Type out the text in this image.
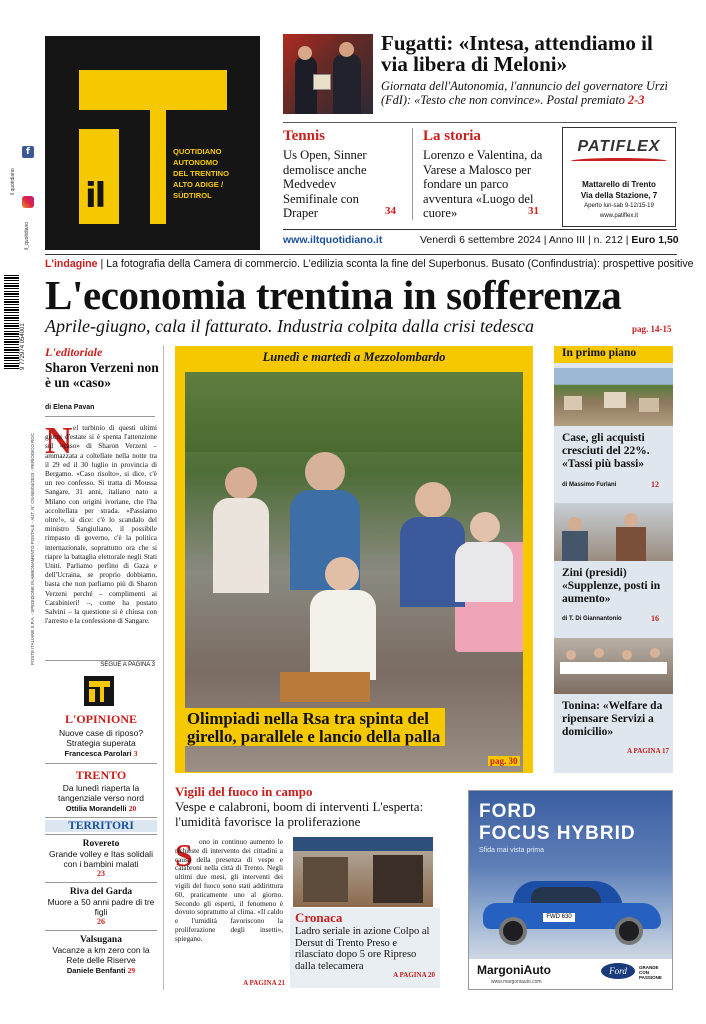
f
il quotidiano
il_quotidiano
9 772974 054001
POSTE ITALIANE S.P.A. - SPEDIZIONE IN ABBONAMENTO POSTALE - AUT. N° CN-NE/04/2023 - PERIODICO ROC
il
QUOTIDIANO
AUTONOMO
DEL TRENTINO
ALTO ADIGE /
SÜDTIROL
Fugatti: «Intesa, attendiamo il via libera di Meloni»
Giornata dell'Autonomia, l'annuncio del governatore Urzì (FdI): «Testo che non convince». Postal premiato 2-3
Tennis
Us Open, Sinner demolisce anche Medvedev Semifinale con Draper	34
La storia
Lorenzo e Valentina, da Varese a Malosco per fondare un parco avventura «Luogo del cuore»	31
PATIFLEX
Mattarello di Trento
Via della Stazione, 7
Aperto lun-sab 9-12/15-19
www.patiflex.it
www.iltquotidiano.it	Venerdì 6 settembre 2024 | Anno III | n. 212 | Euro 1,50
L'indagine | La fotografia della Camera di commercio. L'edilizia sconta la fine del Superbonus. Busato (Confindustria): prospettive positive
L'economia trentina in sofferenza
Aprile-giugno, cala il fatturato. Industria colpita dalla crisi tedesca	pag. 14-15
L'editoriale
Sharon Verzeni non è un «caso»
di Elena Pavan
N el turbinio di questi ultimi giorni d'estate si è spenta l'attenzione sul «caso» di Sharon Verzeni – ammazzata a coltellate nella notte tra il 29 ed il 30 luglio in provincia di Bergamo. «Caso risolto», si dice, c'è un reo confesso. Si tratta di Moussa Sangare, 31 anni, italiano nato a Milano con origini ivoriane, che l'ha accoltellata per strada. «Passiamo oltre!», si dice: c'è lo scandalo del ministro Sangiuliano, il possibile rimpasto di governo, c'è la politica internazionale, soprattutto ora che si riapre la battaglia elettorale negli Stati Uniti. Parliamo perfino di Gaza e dell'Ucraina, se proprio dobbiamo, basta che non parliamo più di Sharon Verzeni perché – complimenti ai Carabinieri! –, come ha postato Salvini – la questione si è chiusa con l'arresto e la confessione di Sangare.
SEGUE A PAGINA 3
L'OPINIONE
Nuove case di riposo? Strategia superata
Francesca Parolari 3
TRENTO
Da lunedì riaperta la tangenziale verso nord
Ottilia Morandelli 20
TERRITORI
Rovereto
Grande volley e Itas solidali con i bambini malati
23
Riva del Garda
Muore a 50 anni padre di tre figli
26
Valsugana
Vacanze a km zero con la Rete delle Riserve
Daniele Benfanti 29
Lunedì e martedì a Mezzolombardo
Olimpiadi nella Rsa tra spinta del girello, parallele e lancio della palla
pag. 30
In primo piano
Case, gli acquisti cresciuti del 22%. «Tassi più bassi»
di Massimo Furlani	12
Zini (presidi) «Supplenze, posti in aumento»
di T. Di Giannantonio	16
Tonina: «Welfare da ripensare Servizi a domicilio»
A PAGINA 17
Vigili del fuoco in campo
Vespe e calabroni, boom di interventi L'esperta: l'umidità favorisce la proliferazione
S ono in continuo aumento le richieste di intervento dei cittadini a causa della presenza di vespe e calabroni nella città di Trento. Negli ultimi due mesi, gli interventi dei vigili del fuoco sono stati addirittura 60, praticamente uno al giorno. Secondo gli esperti, il fenomeno è dovuto soprattutto al clima. «Il caldo e l'umidità favoriscono la proliferazione degli insetti», spiegano.
A PAGINA 21
Cronaca
Ladro seriale in azione Colpo al Dersut di Trento Preso e rilasciato dopo 5 ore Ripreso dalla telecamera
A PAGINA 20
FORD
FOCUS HYBRID
Sfida mai vista prima
FWD 630
MargoniAuto
www.margoniauto.com
Ford	GRANDE CON PASSIONE
